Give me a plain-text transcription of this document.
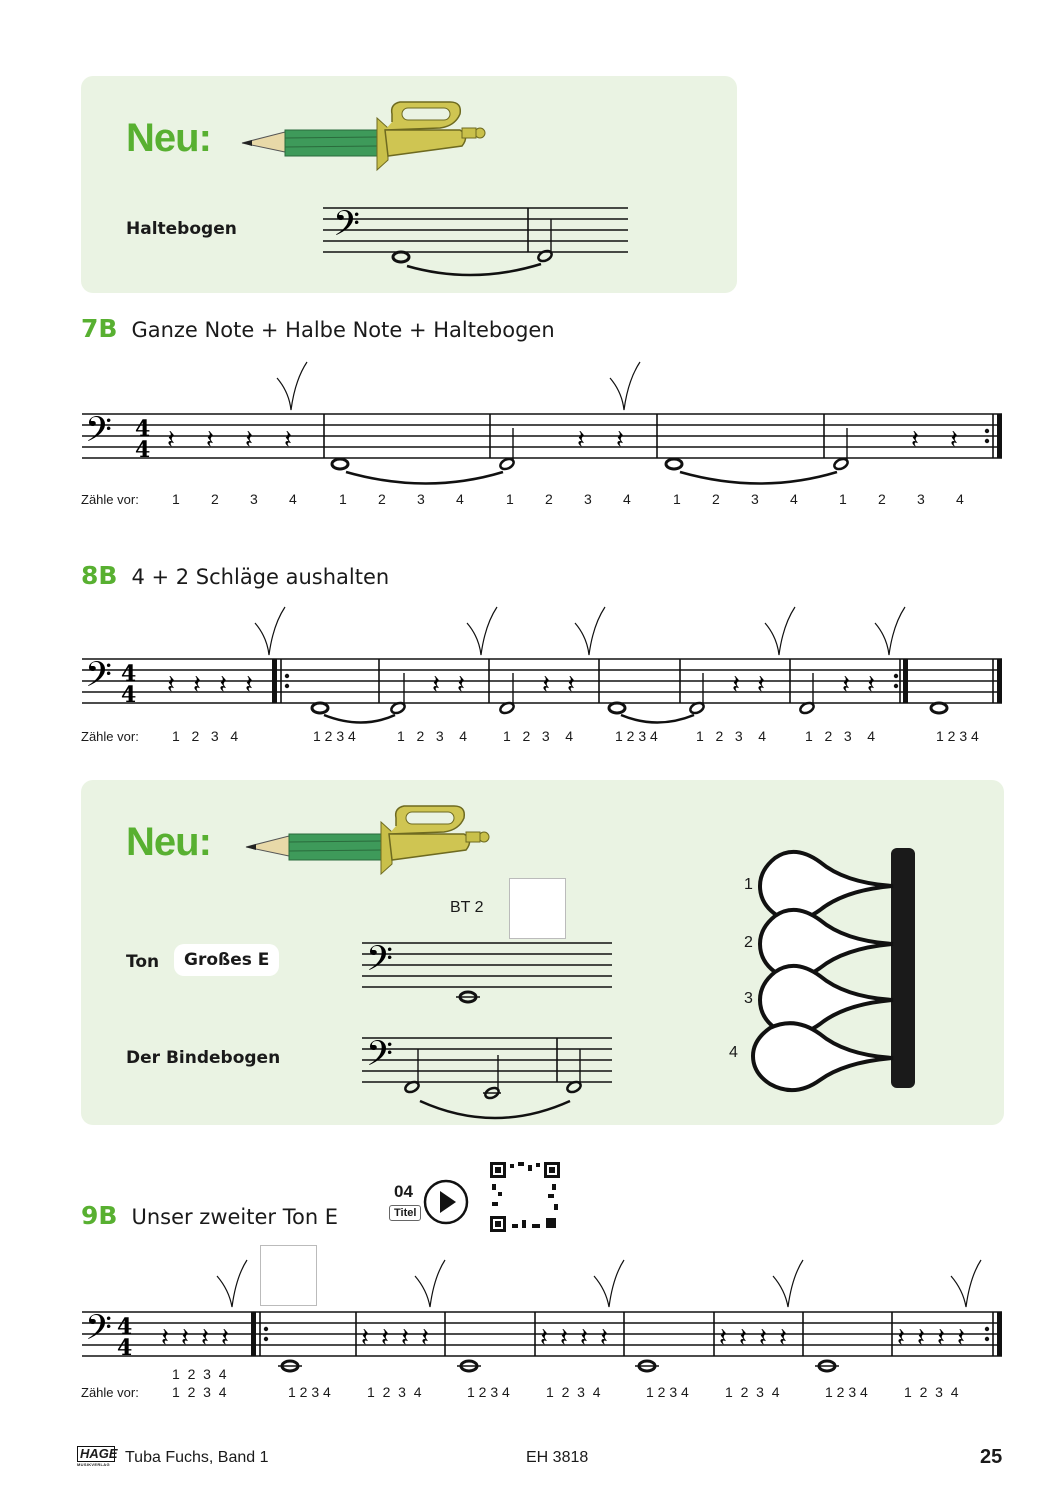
Neu:
Haltebogen 𝄢
7B Ganze Note + Halbe Note + Haltebogen
𝄢 4
4 𝄽 𝄽 𝄽 𝄽	𝄽 𝄽	𝄽 𝄽
Zähle vor: 1 2 3 4	1 2 3 4	1 2 3 4	1 2 3 4	1 2 3 4
8B 4 + 2 Schläge aushalten
𝄢 4
4 𝄽 𝄽 𝄽 𝄽	𝄽 𝄽	𝄽 𝄽	𝄽 𝄽	𝄽 𝄽
Zähle vor: 1   2   3   4	1 2 3 4	1   2   3    4	1   2   3    4	1 2 3 4	1   2   3    4	1   2   3    4	1 2 3 4
Neu:
BT 2
Ton	Großes E 𝄢
Der Bindebogen 𝄢
1
2
3
4
9B Unser zweiter Ton E
04
Titel
𝄢 4
4 𝄽 𝄽 𝄽 𝄽	𝄽 𝄽 𝄽 𝄽	𝄽 𝄽 𝄽 𝄽	𝄽 𝄽 𝄽 𝄽	𝄽 𝄽 𝄽 𝄽
1  2  3  4
Zähle vor: 1  2  3  4	1 2 3 4	1  2  3  4	1 2 3 4	1  2  3  4	1 2 3 4	1  2  3  4	1 2 3 4	1  2  3  4
HAGE
MUSIKVERLAG Tuba Fuchs, Band 1	EH 3818	25
